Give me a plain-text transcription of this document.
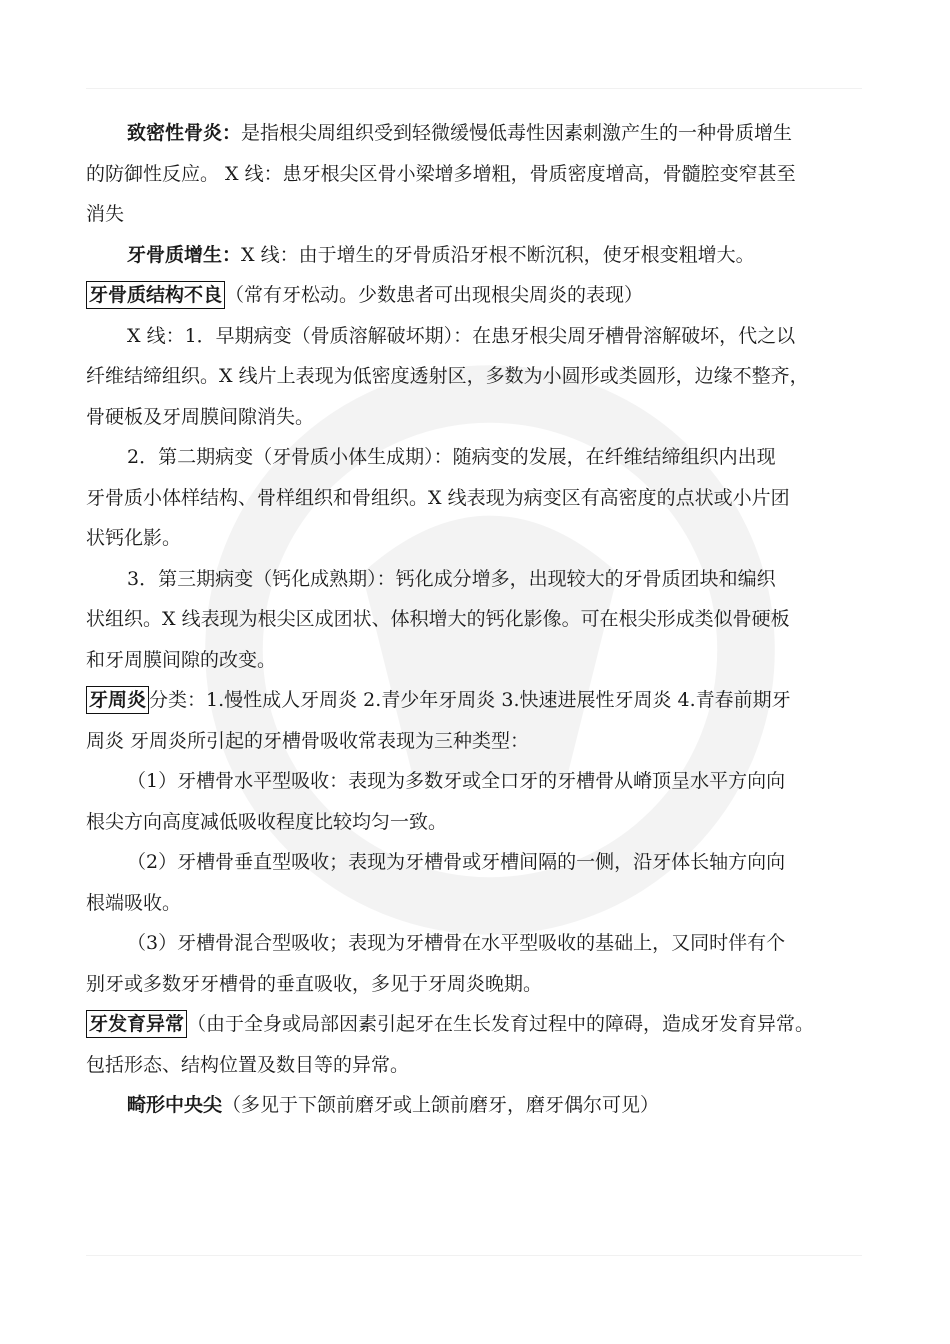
致密性骨炎：是指根尖周组织受到轻微缓慢低毒性因素刺激产生的一种骨质增生
的防御性反应。 X 线：患牙根尖区骨小梁增多增粗，骨质密度增高，骨髓腔变窄甚至
消失

牙骨质增生：X 线：由于增生的牙骨质沿牙根不断沉积，使牙根变粗增大。

牙骨质结构不良 （常有牙松动。少数患者可出现根尖周炎的表现）

X 线：1．早期病变（骨质溶解破坏期）：在患牙根尖周牙槽骨溶解破坏，代之以
纤维结缔组织。X 线片上表现为低密度透射区，多数为小圆形或类圆形，边缘不整齐，
骨硬板及牙周膜间隙消失。

2．第二期病变（牙骨质小体生成期）：随病变的发展，在纤维结缔组织内出现
牙骨质小体样结构、骨样组织和骨组织。X 线表现为病变区有高密度的点状或小片团
状钙化影。

3．第三期病变（钙化成熟期）：钙化成分增多，出现较大的牙骨质团块和编织
状组织。X 线表现为根尖区成团状、体积增大的钙化影像。可在根尖形成类似骨硬板
和牙周膜间隙的改变。

牙周炎 分类：1.慢性成人牙周炎 2.青少年牙周炎 3.快速进展性牙周炎 4.青春前期牙
周炎 牙周炎所引起的牙槽骨吸收常表现为三种类型：

（1）牙槽骨水平型吸收：表现为多数牙或全口牙的牙槽骨从嵴顶呈水平方向向
根尖方向高度减低吸收程度比较均匀一致。

（2）牙槽骨垂直型吸收；表现为牙槽骨或牙槽间隔的一侧，沿牙体长轴方向向
根端吸收。

（3）牙槽骨混合型吸收；表现为牙槽骨在水平型吸收的基础上，又同时伴有个
别牙或多数牙牙槽骨的垂直吸收，多见于牙周炎晚期。

牙发育异常 （由于全身或局部因素引起牙在生长发育过程中的障碍，造成牙发育异常。
包括形态、结构位置及数目等的异常。

畸形中央尖（多见于下颌前磨牙或上颌前磨牙，磨牙偶尔可见）
